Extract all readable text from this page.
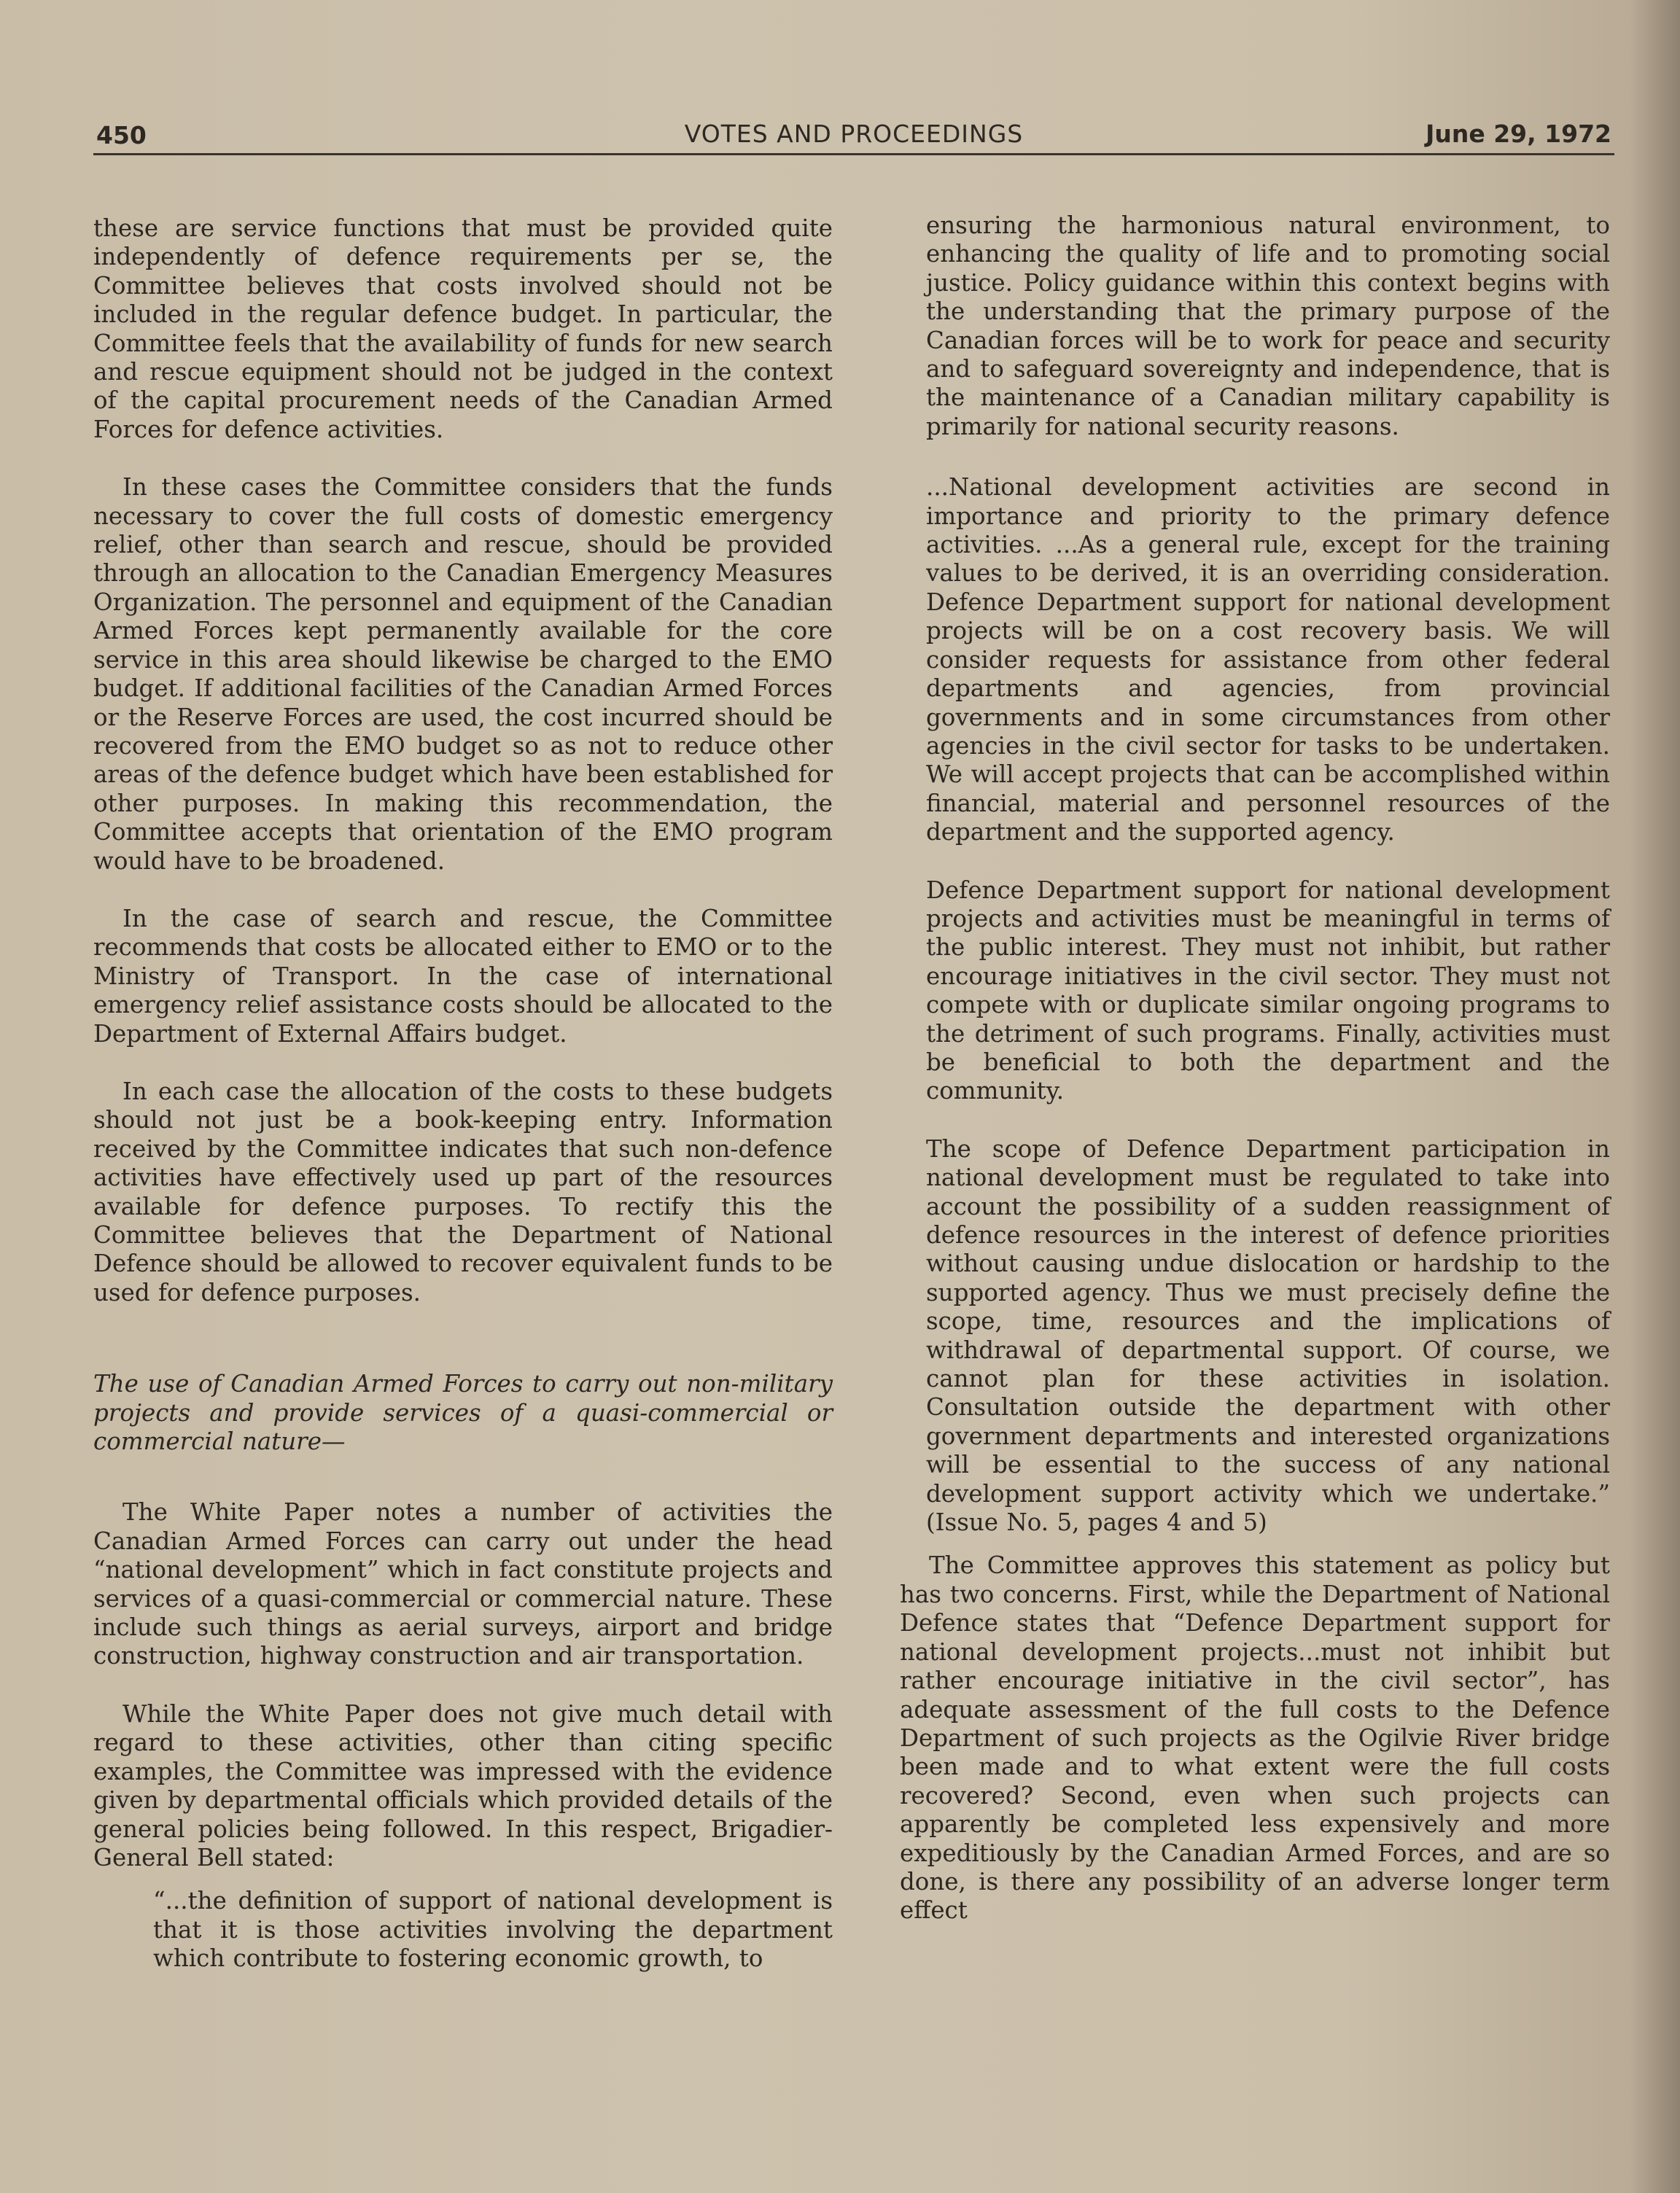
450	VOTES AND PROCEEDINGS	June 29, 1972

these are service functions that must be provided quite independently of defence requirements per se, the Committee believes that costs involved should not be included in the regular defence budget. In particular, the Committee feels that the availability of funds for new search and rescue equipment should not be judged in the context of the capital procurement needs of the Canadian Armed Forces for defence activities.

In these cases the Committee considers that the funds necessary to cover the full costs of domestic emergency relief, other than search and rescue, should be provided through an allocation to the Canadian Emergency Measures Organization. The personnel and equipment of the Canadian Armed Forces kept permanently available for the core service in this area should likewise be charged to the EMO budget. If additional facilities of the Canadian Armed Forces or the Reserve Forces are used, the cost incurred should be recovered from the EMO budget so as not to reduce other areas of the defence budget which have been established for other purposes. In making this recommendation, the Committee accepts that orientation of the EMO program would have to be broadened.

In the case of search and rescue, the Committee recommends that costs be allocated either to EMO or to the Ministry of Transport. In the case of international emergency relief assistance costs should be allocated to the Department of External Affairs budget.

In each case the allocation of the costs to these budgets should not just be a book-keeping entry. Information received by the Committee indicates that such non-defence activities have effectively used up part of the resources available for defence purposes. To rectify this the Committee believes that the Department of National Defence should be allowed to recover equivalent funds to be used for defence purposes.

The use of Canadian Armed Forces to carry out non-military projects and provide services of a quasi-commercial or commercial nature—

The White Paper notes a number of activities the Canadian Armed Forces can carry out under the head “national development” which in fact constitute projects and services of a quasi-commercial or commercial nature. These include such things as aerial surveys, airport and bridge construction, highway construction and air transportation.

While the White Paper does not give much detail with regard to these activities, other than citing specific examples, the Committee was impressed with the evidence given by departmental officials which provided details of the general policies being followed. In this respect, Brigadier-General Bell stated:

“...the definition of support of national development is that it is those activities involving the department which contribute to fostering economic growth, to

ensuring the harmonious natural environment, to enhancing the quality of life and to promoting social justice. Policy guidance within this context begins with the understanding that the primary purpose of the Canadian forces will be to work for peace and security and to safeguard sovereignty and independence, that is the maintenance of a Canadian military capability is primarily for national security reasons.

...National development activities are second in importance and priority to the primary defence activities. ...As a general rule, except for the training values to be derived, it is an overriding consideration. Defence Department support for national development projects will be on a cost recovery basis. We will consider requests for assistance from other federal departments and agencies, from provincial governments and in some circumstances from other agencies in the civil sector for tasks to be undertaken. We will accept projects that can be accomplished within financial, material and personnel resources of the department and the supported agency.

Defence Department support for national development projects and activities must be meaningful in terms of the public interest. They must not inhibit, but rather encourage initiatives in the civil sector. They must not compete with or duplicate similar ongoing programs to the detriment of such programs. Finally, activities must be beneficial to both the department and the community.

The scope of Defence Department participation in national development must be regulated to take into account the possibility of a sudden reassignment of defence resources in the interest of defence priorities without causing undue dislocation or hardship to the supported agency. Thus we must precisely define the scope, time, resources and the implications of withdrawal of departmental support. Of course, we cannot plan for these activities in isolation. Consultation outside the department with other government departments and interested organizations will be essential to the success of any national development support activity which we undertake.” (Issue No. 5, pages 4 and 5)

The Committee approves this statement as policy but has two concerns. First, while the Department of National Defence states that “Defence Department support for national development projects...must not inhibit but rather encourage initiative in the civil sector”, has adequate assessment of the full costs to the Defence Department of such projects as the Ogilvie River bridge been made and to what extent were the full costs recovered? Second, even when such projects can apparently be completed less expensively and more expeditiously by the Canadian Armed Forces, and are so done, is there any possibility of an adverse longer term effect
